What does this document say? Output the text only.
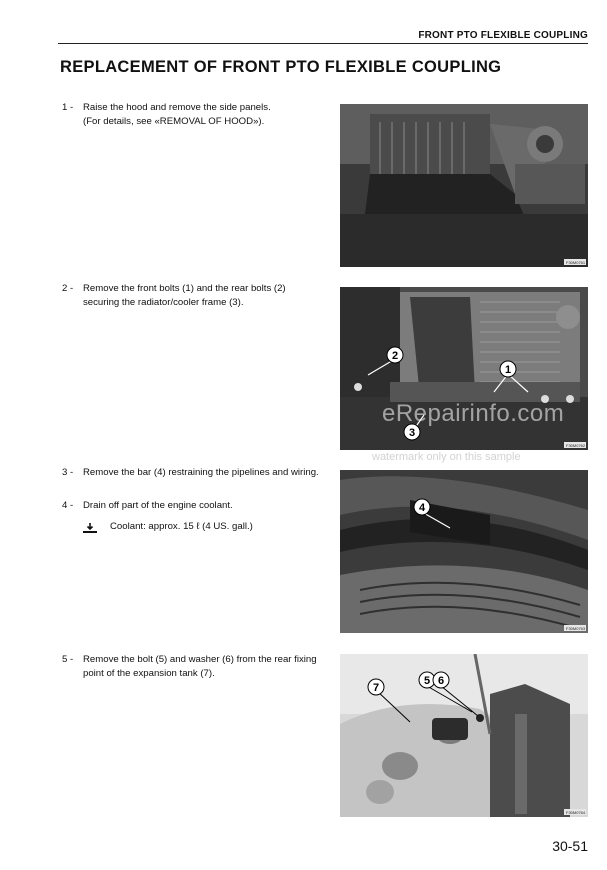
FRONT PTO FLEXIBLE COUPLING
REPLACEMENT OF FRONT PTO FLEXIBLE COUPLING
1 - Raise the hood and remove the side panels.
(For details, see «REMOVAL OF HOOD»).
2 - Remove the front bolts (1) and the rear bolts (2) securing the radiator/cooler frame (3).
3 - Remove the bar (4) restraining the pipelines and wiring.
4 - Drain off part of the engine coolant.
Coolant: approx. 15 ℓ (4 US. gall.)
5 - Remove the bolt (5) and washer (6) from the rear fixing point of the expansion tank (7).
F30M0761
2
1
3
F30M0762
4
F30M0763
7
5 6
F30M0764
eRepairinfo.com
watermark only on this sample
30-51
